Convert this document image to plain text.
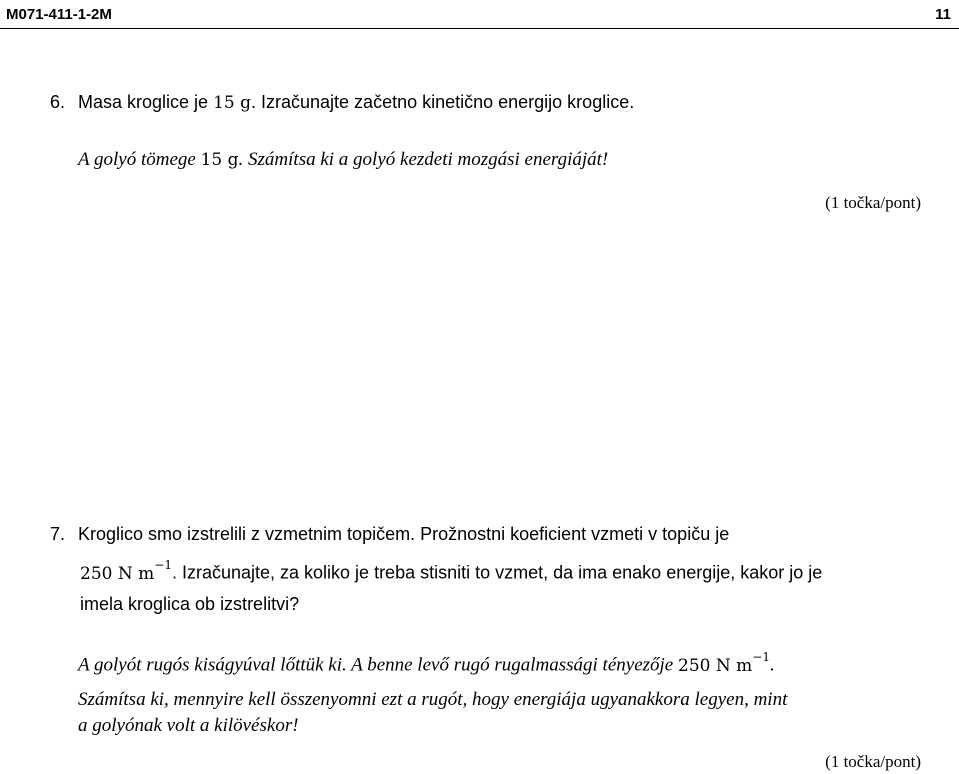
M071-411-1-2M	11
6. Masa kroglice je 15 g. Izračunajte začetno kinetično energijo kroglice.
A golyó tömege 15 g. Számítsa ki a golyó kezdeti mozgási energiáját!
(1 točka/pont)
7. Kroglico smo izstrelili z vzmetnim topičem. Prožnostni koeficient vzmeti v topiču je
250 N $m^{-1}$. Izračunajte, za koliko je treba stisniti to vzmet, da ima enako energije, kakor jo je
imela kroglica ob izstrelitvi?
A golyót rugós kiságyúval lőttük ki. A benne levő rugó rugalmassági tényezője 250 N $m^{-1}$.
Számítsa ki, mennyire kell összenyomni ezt a rugót, hogy energiája ugyanakkora legyen, mint
a golyónak volt a kilövéskor!
(1 točka/pont)
